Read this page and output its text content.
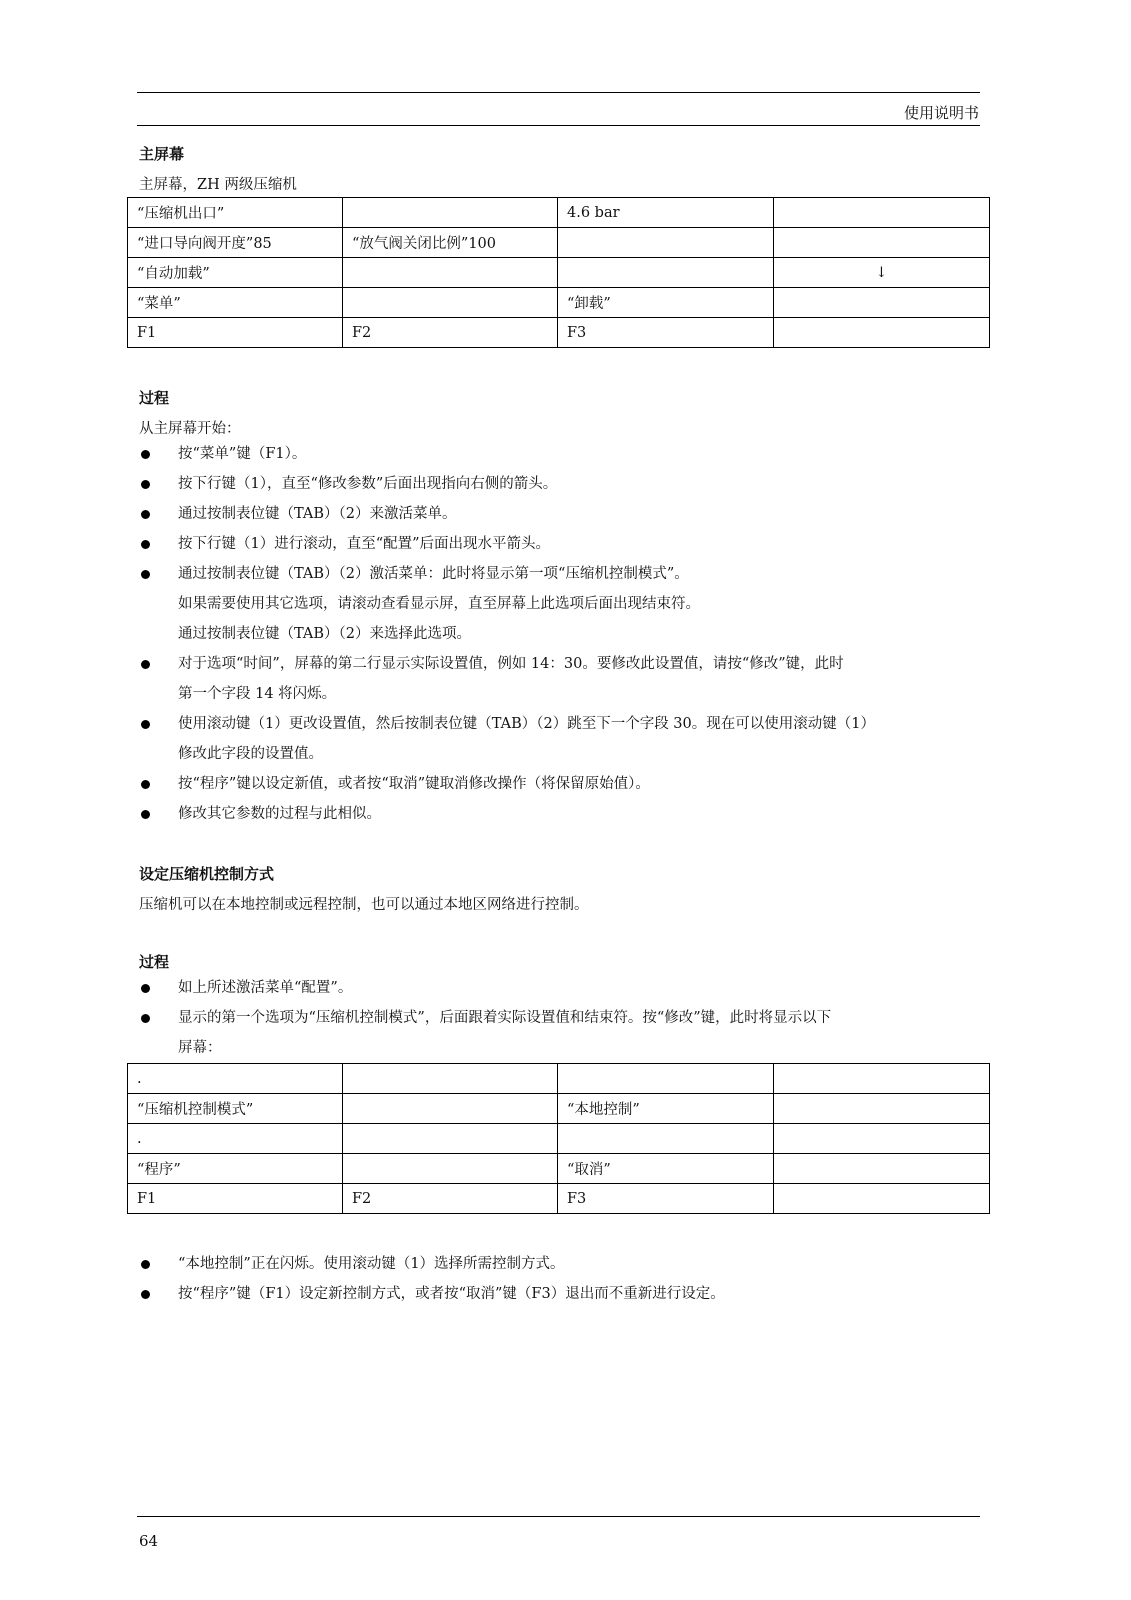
使用说明书
主屏幕
主屏幕，ZH 两级压缩机
“压缩机出口”		4.6 bar	
“进口导向阀开度”85	“放气阀关闭比例”100		
“自动加载”			↓
“菜单”		“卸载”	
F1	F2	F3	
过程
从主屏幕开始：
按“菜单”键（F1）。
按下行键（1），直至“修改参数”后面出现指向右侧的箭头。
通过按制表位键（TAB）（2）来激活菜单。
按下行键（1）进行滚动，直至“配置”后面出现水平箭头。
通过按制表位键（TAB）（2）激活菜单：此时将显示第一项“压缩机控制模式”。
如果需要使用其它选项，请滚动查看显示屏，直至屏幕上此选项后面出现结束符。
通过按制表位键（TAB）（2）来选择此选项。
对于选项“时间”，屏幕的第二行显示实际设置值，例如 14：30。要修改此设置值，请按“修改”键，此时
第一个字段 14 将闪烁。
使用滚动键（1）更改设置值，然后按制表位键（TAB）（2）跳至下一个字段 30。现在可以使用滚动键（1）
修改此字段的设置值。
按“程序”键以设定新值，或者按“取消”键取消修改操作（将保留原始值）。
修改其它参数的过程与此相似。
设定压缩机控制方式
压缩机可以在本地控制或远程控制，也可以通过本地区网络进行控制。
过程
如上所述激活菜单“配置”。
显示的第一个选项为“压缩机控制模式”，后面跟着实际设置值和结束符。按“修改”键，此时将显示以下
屏幕：
.			
“压缩机控制模式”		“本地控制”	
.			
“程序”		“取消”	
F1	F2	F3	
“本地控制”正在闪烁。使用滚动键（1）选择所需控制方式。
按“程序”键（F1）设定新控制方式，或者按“取消”键（F3）退出而不重新进行设定。
64
